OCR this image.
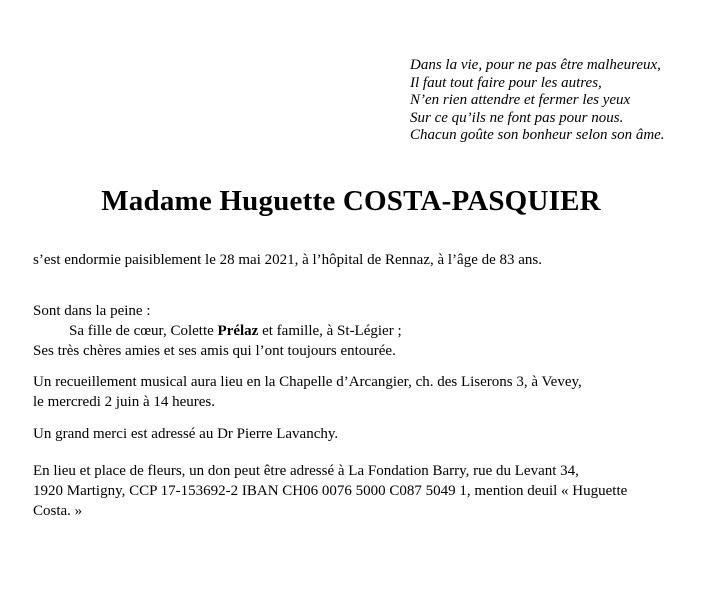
Dans la vie, pour ne pas être malheureux,
Il faut tout faire pour les autres,
N’en rien attendre et fermer les yeux
Sur ce qu’ils ne font pas pour nous.
Chacun goûte son bonheur selon son âme.
Madame Huguette COSTA-PASQUIER
s’est endormie paisiblement le 28 mai 2021, à l’hôpital de Rennaz, à l’âge de 83 ans.
Sont dans la peine :
Sa fille de cœur, Colette Prélaz et famille, à St-Légier ;
Ses très chères amies et ses amis qui l’ont toujours entourée.
Un recueillement musical aura lieu en la Chapelle d’Arcangier, ch. des Liserons 3, à Vevey,
le mercredi 2 juin à 14 heures.
Un grand merci est adressé au Dr Pierre Lavanchy.
En lieu et place de fleurs, un don peut être adressé à La Fondation Barry, rue du Levant 34,
1920 Martigny, CCP 17-153692-2 IBAN CH06 0076 5000 C087 5049 1, mention deuil « Huguette
Costa. »
